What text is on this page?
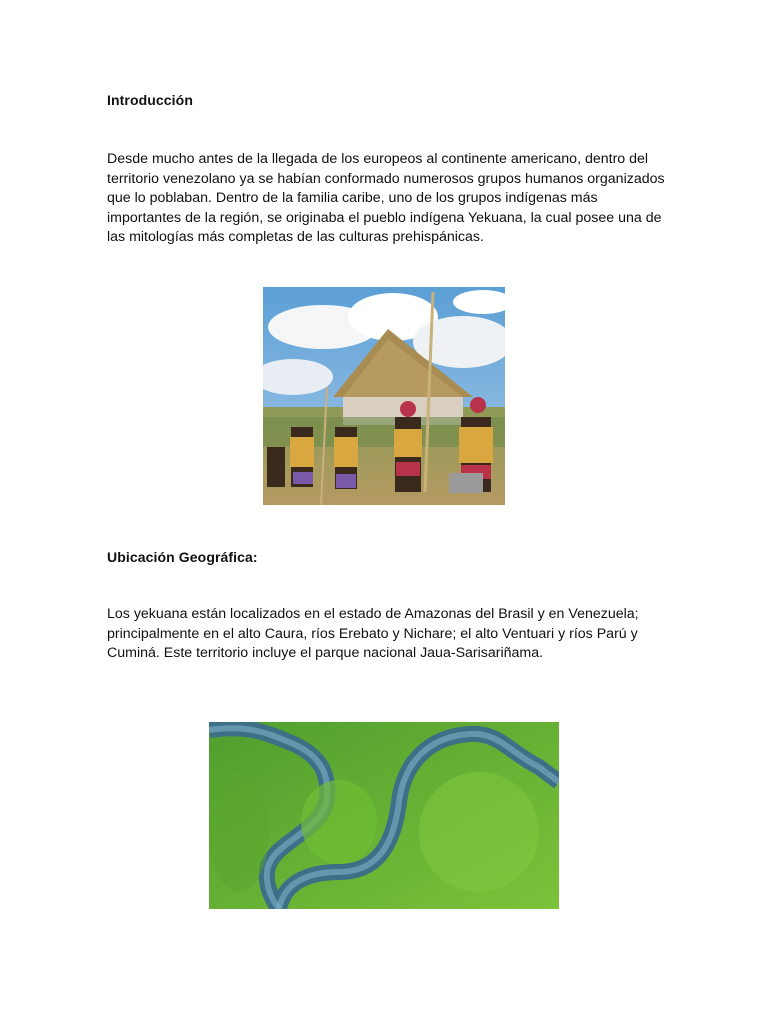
Introducción

Desde mucho antes de la llegada de los europeos al continente americano, dentro del territorio venezolano ya se habían conformado numerosos grupos humanos organizados que lo poblaban. Dentro de la familia caribe, uno de los grupos indígenas más importantes de la región, se originaba el pueblo indígena Yekuana, la cual posee una de las mitologías más completas de las culturas prehispánicas.

Ubicación Geográfica:

Los yekuana están localizados en el estado de Amazonas del Brasil y en Venezuela; principalmente en el alto Caura, ríos Erebato y Nichare; el alto Ventuari y ríos Parú y Cuminá. Este territorio incluye el parque nacional Jaua-Sarisariñama.
